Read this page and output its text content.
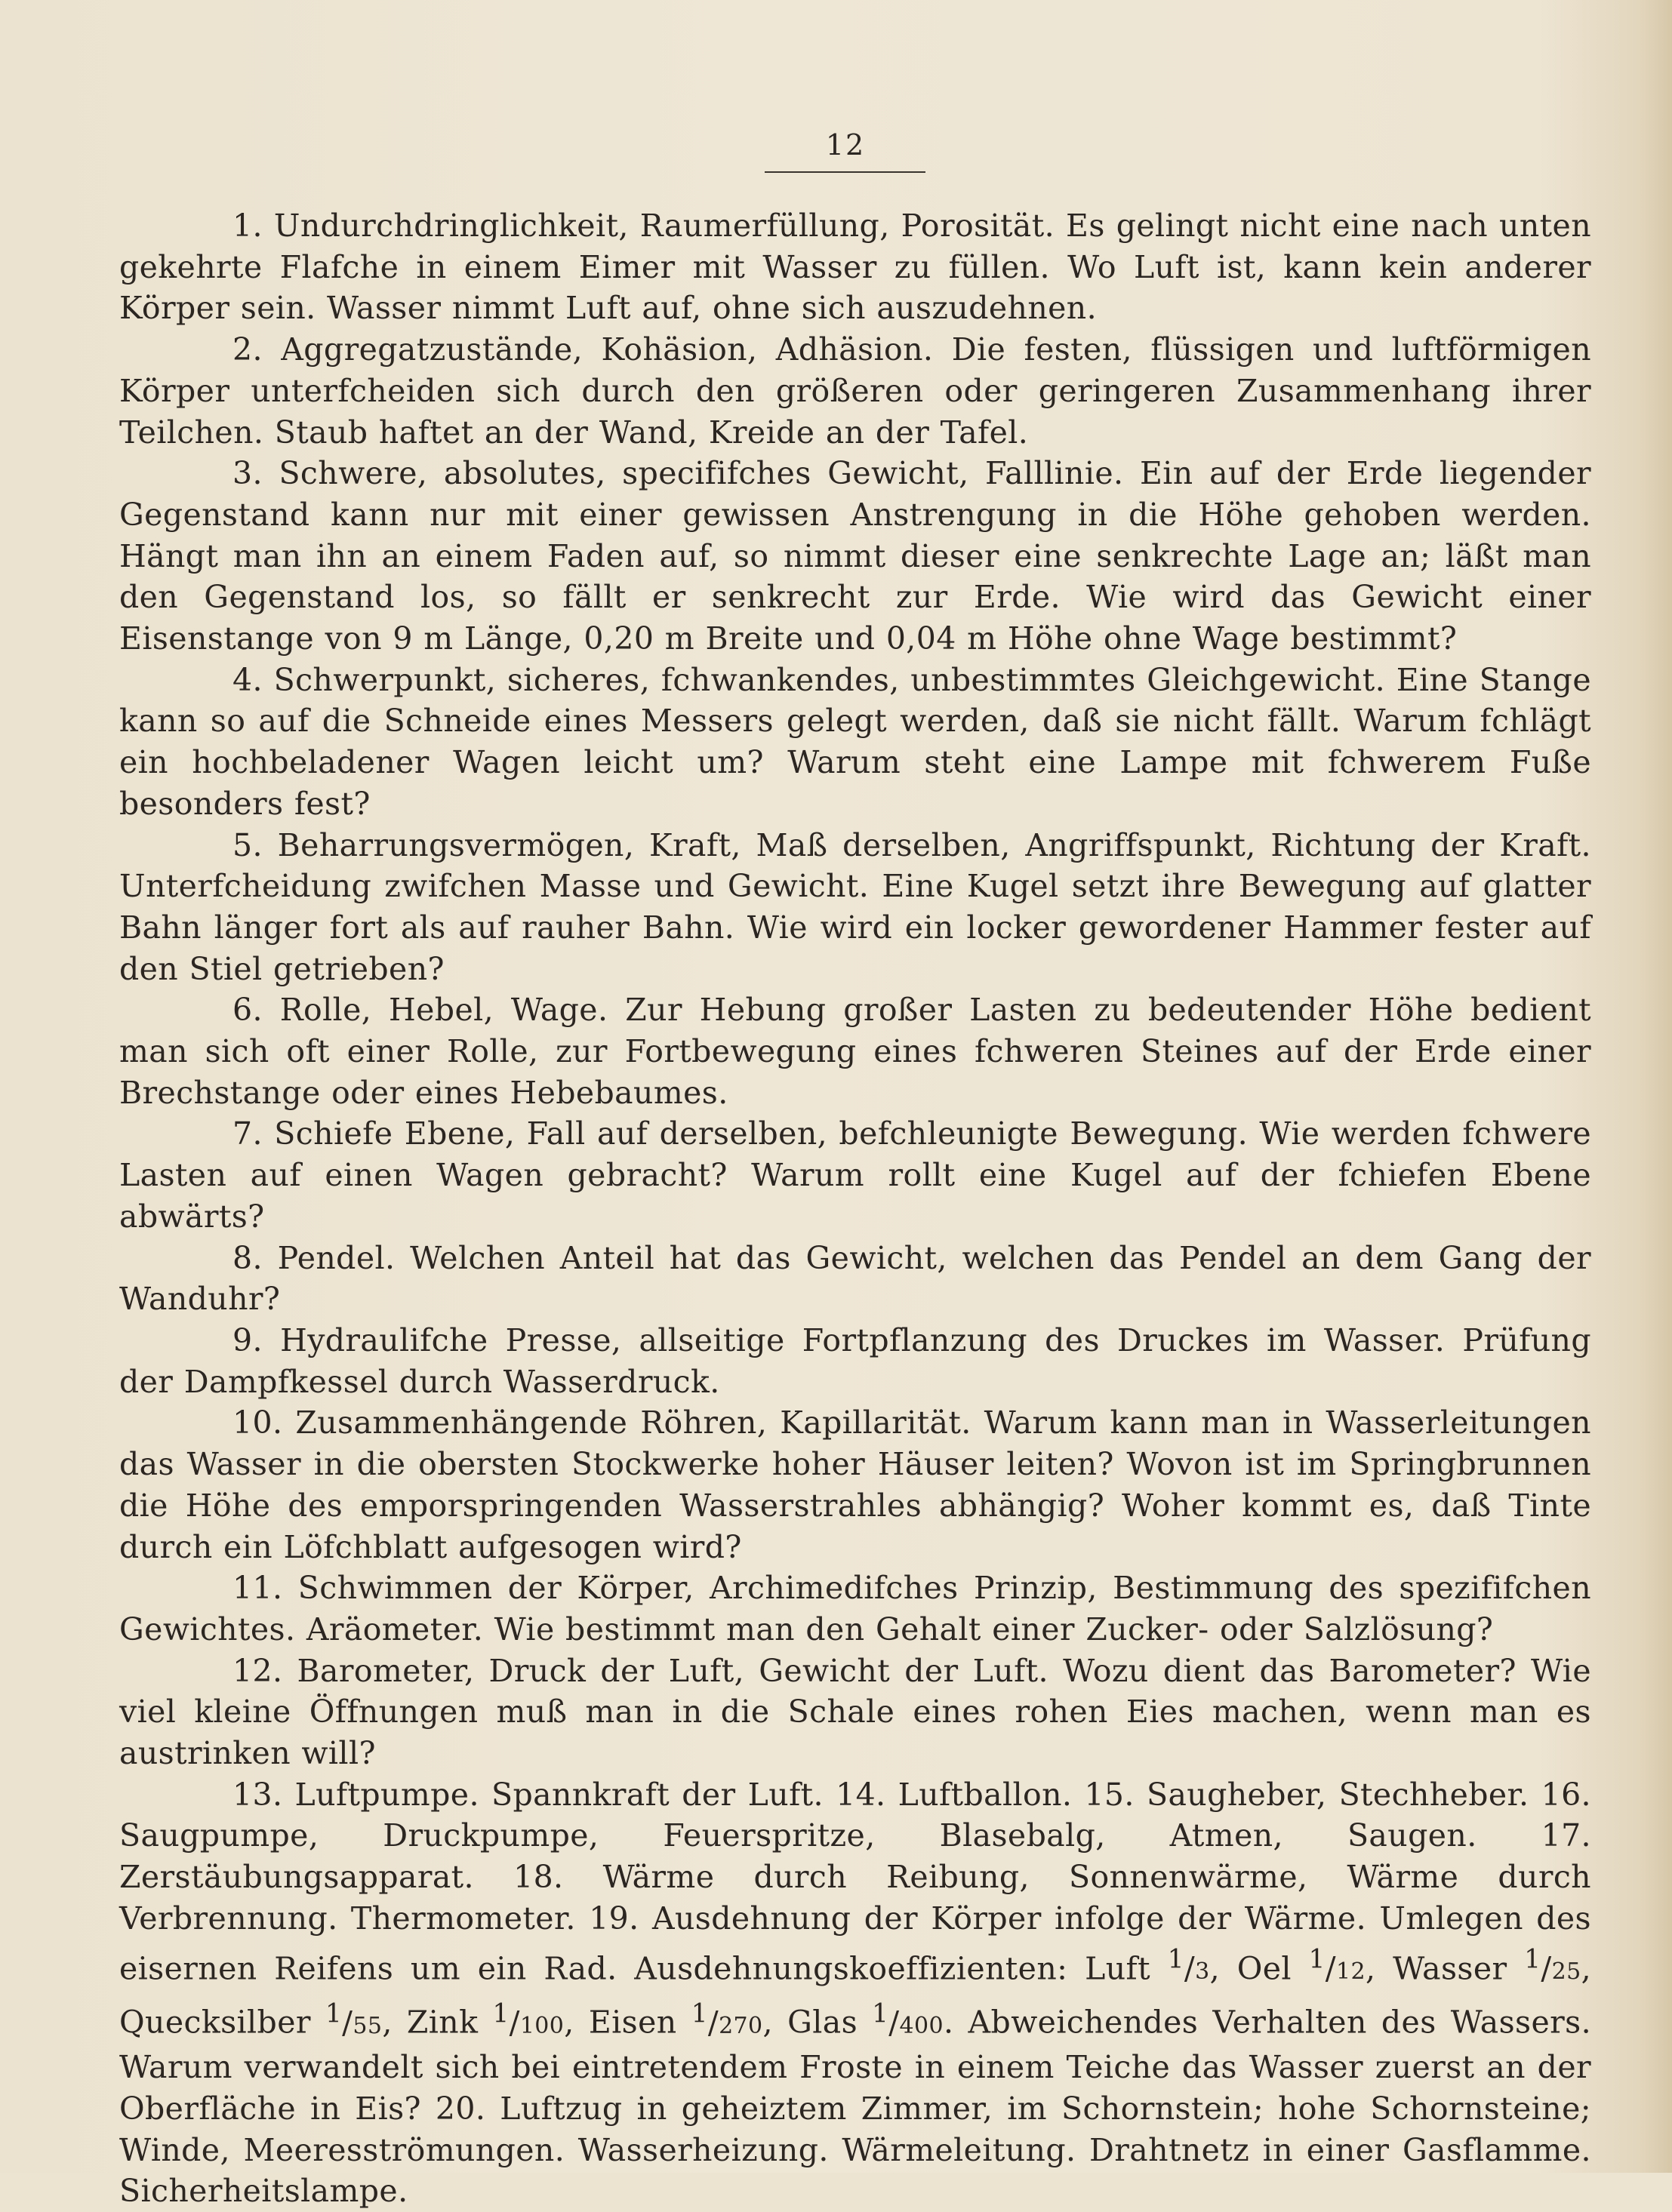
12

1. Undurchdringlichkeit, Raumerfüllung, Porosität. Es gelingt nicht eine nach unten gekehrte Flafche in einem Eimer mit Wasser zu füllen. Wo Luft ist, kann kein anderer Körper sein. Wasser nimmt Luft auf, ohne sich auszudehnen.

2. Aggregatzustände, Kohäsion, Adhäsion. Die festen, flüssigen und luftförmigen Körper unterfcheiden sich durch den größeren oder geringeren Zusammenhang ihrer Teilchen. Staub haftet an der Wand, Kreide an der Tafel.

3. Schwere, absolutes, specififches Gewicht, Falllinie. Ein auf der Erde liegender Gegenstand kann nur mit einer gewissen Anstrengung in die Höhe gehoben werden. Hängt man ihn an einem Faden auf, so nimmt dieser eine senkrechte Lage an; läßt man den Gegenstand los, so fällt er senkrecht zur Erde. Wie wird das Gewicht einer Eisenstange von 9 m Länge, 0,20 m Breite und 0,04 m Höhe ohne Wage bestimmt?

4. Schwerpunkt, sicheres, fchwankendes, unbestimmtes Gleichgewicht. Eine Stange kann so auf die Schneide eines Messers gelegt werden, daß sie nicht fällt. Warum fchlägt ein hochbeladener Wagen leicht um? Warum steht eine Lampe mit fchwerem Fuße besonders fest?

5. Beharrungsvermögen, Kraft, Maß derselben, Angriffspunkt, Richtung der Kraft. Unterfcheidung zwifchen Masse und Gewicht. Eine Kugel setzt ihre Bewegung auf glatter Bahn länger fort als auf rauher Bahn. Wie wird ein locker gewordener Hammer fester auf den Stiel getrieben?

6. Rolle, Hebel, Wage. Zur Hebung großer Lasten zu bedeutender Höhe bedient man sich oft einer Rolle, zur Fortbewegung eines fchweren Steines auf der Erde einer Brechstange oder eines Hebebaumes.

7. Schiefe Ebene, Fall auf derselben, befchleunigte Bewegung. Wie werden fchwere Lasten auf einen Wagen gebracht? Warum rollt eine Kugel auf der fchiefen Ebene abwärts?

8. Pendel. Welchen Anteil hat das Gewicht, welchen das Pendel an dem Gang der Wanduhr?

9. Hydraulifche Presse, allseitige Fortpflanzung des Druckes im Wasser. Prüfung der Dampfkessel durch Wasserdruck.

10. Zusammenhängende Röhren, Kapillarität. Warum kann man in Wasserleitungen das Wasser in die obersten Stockwerke hoher Häuser leiten? Wovon ist im Springbrunnen die Höhe des emporspringenden Wasserstrahles abhängig? Woher kommt es, daß Tinte durch ein Löfchblatt aufgesogen wird?

11. Schwimmen der Körper, Archimedifches Prinzip, Bestimmung des spezififchen Gewichtes. Aräometer. Wie bestimmt man den Gehalt einer Zucker- oder Salzlösung?

12. Barometer, Druck der Luft, Gewicht der Luft. Wozu dient das Barometer? Wie viel kleine Öffnungen muß man in die Schale eines rohen Eies machen, wenn man es austrinken will?

13. Luftpumpe. Spannkraft der Luft. 14. Luftballon. 15. Saugheber, Stechheber. 16. Saugpumpe, Druckpumpe, Feuerspritze, Blasebalg, Atmen, Saugen. 17. Zerstäubungsapparat. 18. Wärme durch Reibung, Sonnenwärme, Wärme durch Verbrennung. Thermometer. 19. Ausdehnung der Körper infolge der Wärme. Umlegen des eisernen Reifens um ein Rad. Ausdehnungskoeffizienten: Luft $^1$/3, Oel $^1$/12, Wasser $^1$/25, Quecksilber $^1$/55, Zink $^1$/100, Eisen $^1$/270, Glas $^1$/400. Abweichendes Verhalten des Wassers. Warum verwandelt sich bei eintretendem Froste in einem Teiche das Wasser zuerst an der Oberfläche in Eis? 20. Luftzug in geheiztem Zimmer, im Schornstein; hohe Schornsteine; Winde, Meeresströmungen. Wasserheizung. Wärmeleitung. Drahtnetz in einer Gasflamme. Sicherheitslampe.
